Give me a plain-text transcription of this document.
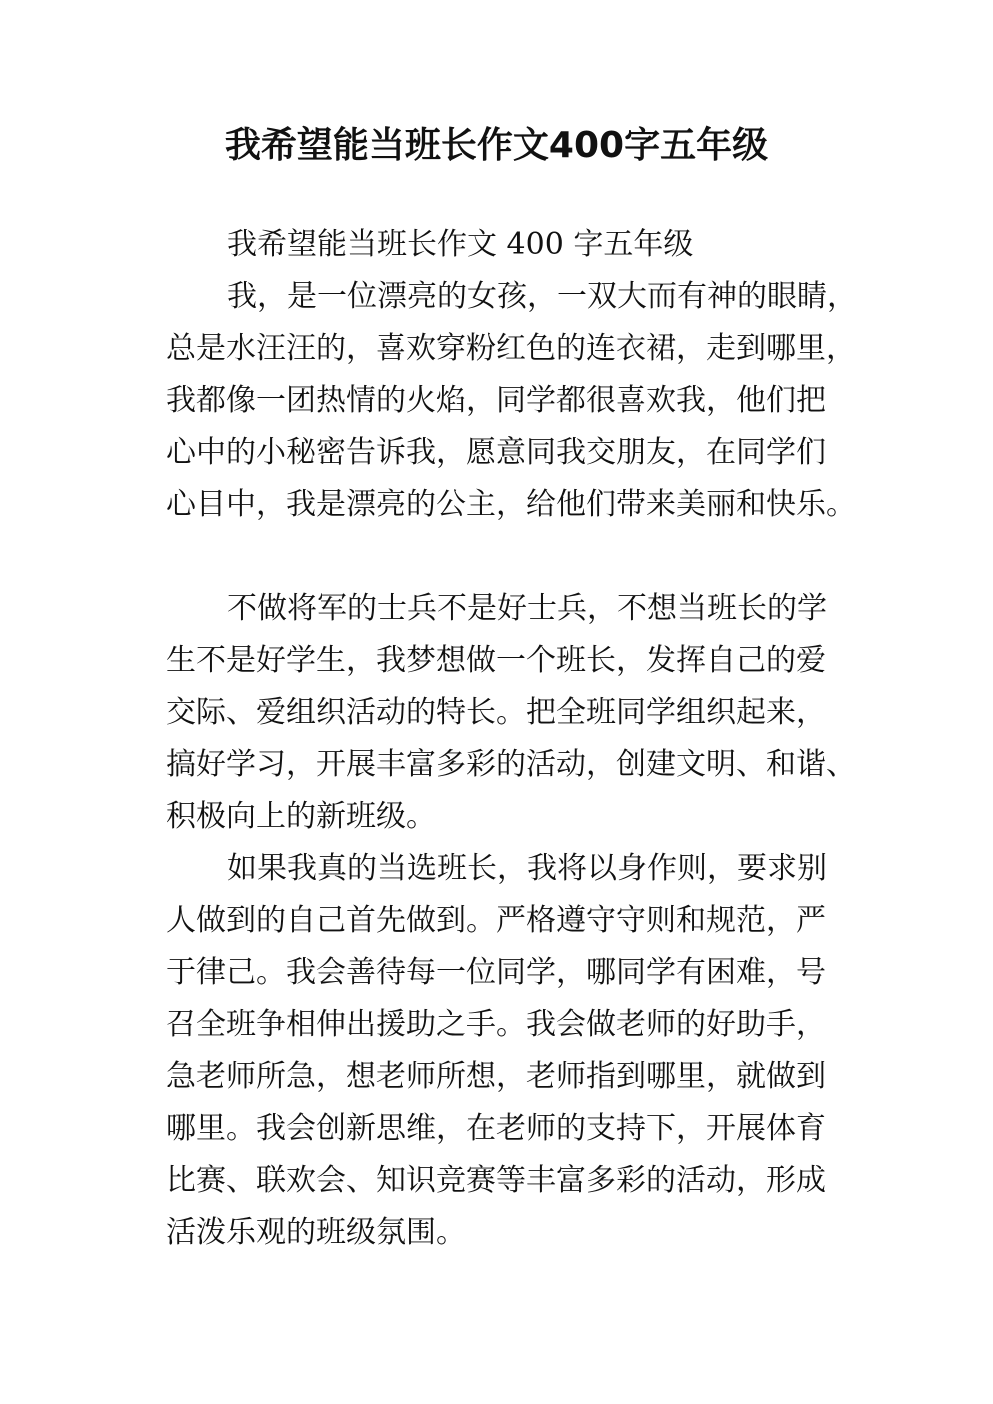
我希望能当班长作文400字五年级
我希望能当班长作文 400 字五年级
我，是一位漂亮的女孩，一双大而有神的眼睛，
总是水汪汪的，喜欢穿粉红色的连衣裙，走到哪里，
我都像一团热情的火焰，同学都很喜欢我，他们把
心中的小秘密告诉我，愿意同我交朋友，在同学们
心目中，我是漂亮的公主，给他们带来美丽和快乐。
不做将军的士兵不是好士兵，不想当班长的学
生不是好学生，我梦想做一个班长，发挥自己的爱
交际、爱组织活动的特长。把全班同学组织起来，
搞好学习，开展丰富多彩的活动，创建文明、和谐、
积极向上的新班级。
如果我真的当选班长，我将以身作则，要求别
人做到的自己首先做到。严格遵守守则和规范，严
于律己。我会善待每一位同学，哪同学有困难，号
召全班争相伸出援助之手。我会做老师的好助手，
急老师所急，想老师所想，老师指到哪里，就做到
哪里。我会创新思维，在老师的支持下，开展体育
比赛、联欢会、知识竞赛等丰富多彩的活动，形成
活泼乐观的班级氛围。
